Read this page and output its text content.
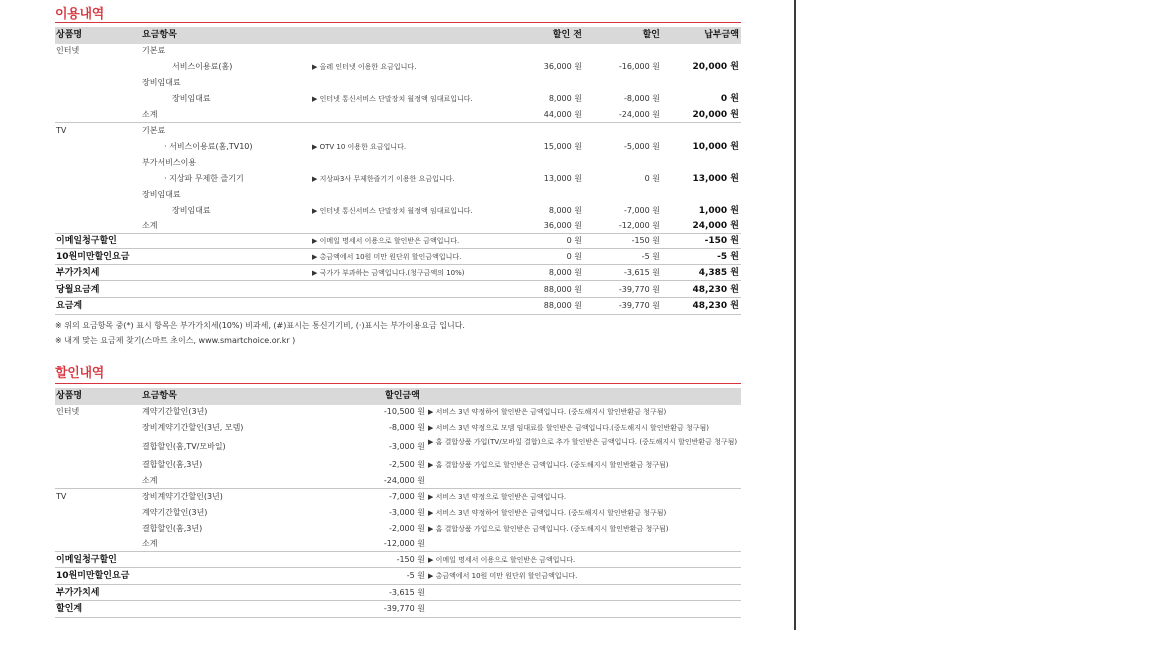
이용내역
상품명	요금항목	할인 전	할인	납부금액
인터넷	기본료
서비스이용료(홈)	▶ 올레 인터넷 이용한 요금입니다.	36,000 원	-16,000 원	20,000 원
장비임대료
장비임대료	▶ 인터넷 통신서비스 단말장치 월정액 임대료입니다.	8,000 원	-8,000 원	0 원
소계	44,000 원	-24,000 원	20,000 원
TV	기본료
· 서비스이용료(홈,TV10)	▶ OTV 10 이용한 요금입니다.	15,000 원	-5,000 원	10,000 원
부가서비스이용
· 지상파 무제한 즐기기	▶ 지상파3사 무제한즐기기 이용한 요금입니다.	13,000 원	0 원	13,000 원
장비임대료
장비임대료	▶ 인터넷 통신서비스 단말장치 월정액 임대료입니다.	8,000 원	-7,000 원	1,000 원
소계	36,000 원	-12,000 원	24,000 원
이메일청구할인	▶ 이메일 명세서 이용으로 할인받은 금액입니다.	0 원	-150 원	-150 원
10원미만할인요금	▶ 총금액에서 10원 미만 원단위 할인금액입니다.	0 원	-5 원	-5 원
부가가치세	▶ 국가가 부과하는 금액입니다.(청구금액의 10%)	8,000 원	-3,615 원	4,385 원
당월요금계	88,000 원	-39,770 원	48,230 원
요금계	88,000 원	-39,770 원	48,230 원
※ 위의 요금항목 중(*) 표시 항목은 부가가치세(10%) 비과세, (#)표시는 통신기기비, (·)표시는 부가이용요금 입니다.
※ 내게 맞는 요금제 찾기(스마트 초이스, www.smartchoice.or.kr )
할인내역
상품명	요금항목	할인금액
인터넷	계약기간할인(3년)	-10,500 원 ▶ 서비스 3년 약정하여 할인받은 금액입니다. (중도해지시 할인반환금 청구됨)
장비계약기간할인(3년, 모뎀)	-8,000 원 ▶ 서비스 3년 약정으로 모뎀 임대료를 할인받은 금액입니다.(중도해지시 할인반환금 청구됨)
결합할인(홈,TV/모바일)	-3,000 원 ▶ 홈 결합상품 가입(TV/모바일 결합)으로 추가 할인받은 금액입니다. (중도해지시 할인반환금 청구됨)
결합할인(홈,3년)	-2,500 원 ▶ 홈 결합상품 가입으로 할인받은 금액입니다. (중도해지시 할인반환금 청구됨)
소계	-24,000 원
TV	장비계약기간할인(3년)	-7,000 원 ▶ 서비스 3년 약정으로 할인받은 금액입니다.
계약기간할인(3년)	-3,000 원 ▶ 서비스 3년 약정하여 할인받은 금액입니다. (중도해지시 할인반환금 청구됨)
결합할인(홈,3년)	-2,000 원 ▶ 홈 결합상품 가입으로 할인받은 금액입니다. (중도해지시 할인반환금 청구됨)
소계	-12,000 원
이메일청구할인	-150 원 ▶ 이메일 명세서 이용으로 할인받은 금액입니다.
10원미만할인요금	-5 원 ▶ 총금액에서 10원 미만 원단위 할인금액입니다.
부가가치세	-3,615 원
할인계	-39,770 원
